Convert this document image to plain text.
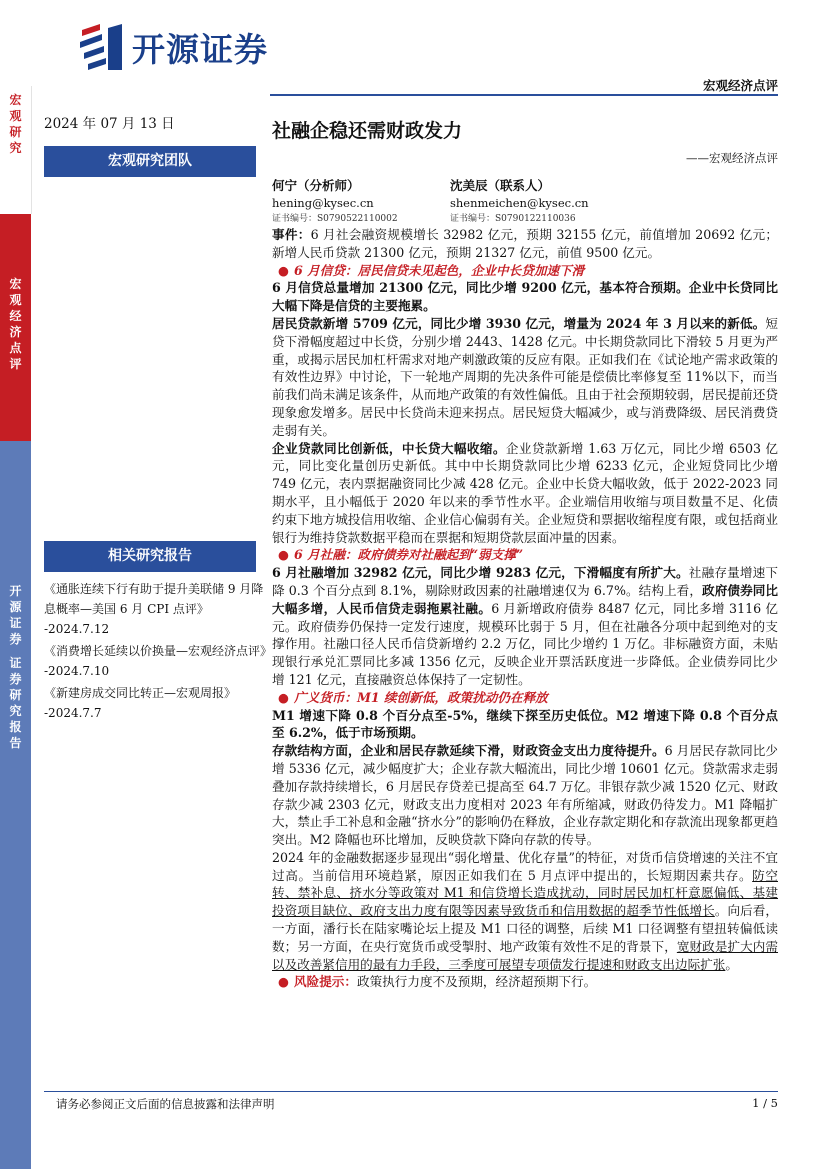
开源证券
宏观经济点评
宏
观
研
究
宏
观
经
济
点
评
开
源
证
券

证
券
研
究
报
告
2024 年 07 月 13 日
宏观研究团队
何宁（分析师）
hening@kysec.cn
证书编号：S0790522110002
沈美辰（联系人）
shenmeichen@kysec.cn
证书编号：S0790122110036
相关研究报告
《通胀连续下行有助于提升美联储 9 月降息概率—美国 6 月 CPI 点评》
-2024.7.12
《消费增长延续以价换量—宏观经济点评》
-2024.7.10
《新建房成交同比转正—宏观周报》
-2024.7.7
社融企稳还需财政发力
——宏观经济点评

事件：6 月社会融资规模增长 32982 亿元，预期 32155 亿元，前值增加 20692 亿元；新增人民币贷款 21300 亿元，预期 21327 亿元，前值 9500 亿元。

● 6 月信贷：居民信贷未见起色，企业中长贷加速下滑

6 月信贷总量增加 21300 亿元，同比少增 9200 亿元，基本符合预期。企业中长贷同比大幅下降是信贷的主要拖累。

居民贷款新增 5709 亿元，同比少增 3930 亿元，增量为 2024 年 3 月以来的新低。短贷下滑幅度超过中长贷，分别少增 2443、1428 亿元。中长期贷款同比下滑较 5 月更为严重，或揭示居民加杠杆需求对地产刺激政策的反应有限。正如我们在《试论地产需求政策的有效性边界》中讨论，下一轮地产周期的先决条件可能是偿债比率修复至 11%以下，而当前我们尚未满足该条件，从而地产政策的有效性偏低。且由于社会预期较弱，居民提前还贷现象愈发增多。居民中长贷尚未迎来拐点。居民短贷大幅减少，或与消费降级、居民消费贷走弱有关。

企业贷款同比创新低，中长贷大幅收缩。企业贷款新增 1.63 万亿元，同比少增 6503 亿元，同比变化量创历史新低。其中中长期贷款同比少增 6233 亿元，企业短贷同比少增 749 亿元，表内票据融资同比少减 428 亿元。企业中长贷大幅收敛，低于 2022-2023 同期水平，且小幅低于 2020 年以来的季节性水平。企业端信用收缩与项目数量不足、化债约束下地方城投信用收缩、企业信心偏弱有关。企业短贷和票据收缩程度有限，或包括商业银行为维持贷款数据平稳而在票据和短期贷款层面冲量的因素。

● 6 月社融：政府债券对社融起到“弱支撑”

6 月社融增加 32982 亿元，同比少增 9283 亿元，下滑幅度有所扩大。社融存量增速下降 0.3 个百分点到 8.1%，剔除财政因素的社融增速仅为 6.7%。结构上看，政府债券同比大幅多增，人民币信贷走弱拖累社融。6 月新增政府债券 8487 亿元，同比多增 3116 亿元。政府债券仍保持一定发行速度，规模环比弱于 5 月，但在社融各分项中起到绝对的支撑作用。社融口径人民币信贷新增约 2.2 万亿，同比少增约 1 万亿。非标融资方面，未贴现银行承兑汇票同比多减 1356 亿元，反映企业开票活跃度进一步降低。企业债券同比少增 121 亿元，直接融资总体保持了一定韧性。

● 广义货币：M1 续创新低，政策扰动仍在释放

M1 增速下降 0.8 个百分点至-5%，继续下探至历史低位。M2 增速下降 0.8 个百分点至 6.2%，低于市场预期。

存款结构方面，企业和居民存款延续下滑，财政资金支出力度待提升。6 月居民存款同比少增 5336 亿元，减少幅度扩大；企业存款大幅流出，同比少增 10601 亿元。贷款需求走弱叠加存款持续增长，6 月居民存贷差已提高至 64.7 万亿。非银存款少减 1520 亿元、财政存款少减 2303 亿元，财政支出力度相对 2023 年有所缩减，财政仍待发力。M1 降幅扩大，禁止手工补息和金融“挤水分”的影响仍在释放，企业存款定期化和存款流出现象都更趋突出。M2 降幅也环比增加，反映贷款下降向存款的传导。

2024 年的金融数据逐步显现出“弱化增量、优化存量”的特征，对货币信贷增速的关注不宜过高。当前信用环境趋紧，原因正如我们在 5 月点评中提出的，长短期因素共存。防空转、禁补息、挤水分等政策对 M1 和信贷增长造成扰动，同时居民加杠杆意愿偏低、基建投资项目缺位、政府支出力度有限等因素导致货币和信用数据的超季节性低增长。向后看，一方面，潘行长在陆家嘴论坛上提及 M1 口径的调整，后续 M1 口径调整有望扭转偏低读数；另一方面，在央行宽货币或受掣肘、地产政策有效性不足的背景下，宽财政是扩大内需以及改善紧信用的最有力手段，三季度可展望专项债发行提速和财政支出边际扩张。

● 风险提示：政策执行力度不及预期，经济超预期下行。

请务必参阅正文后面的信息披露和法律声明	1 / 5
